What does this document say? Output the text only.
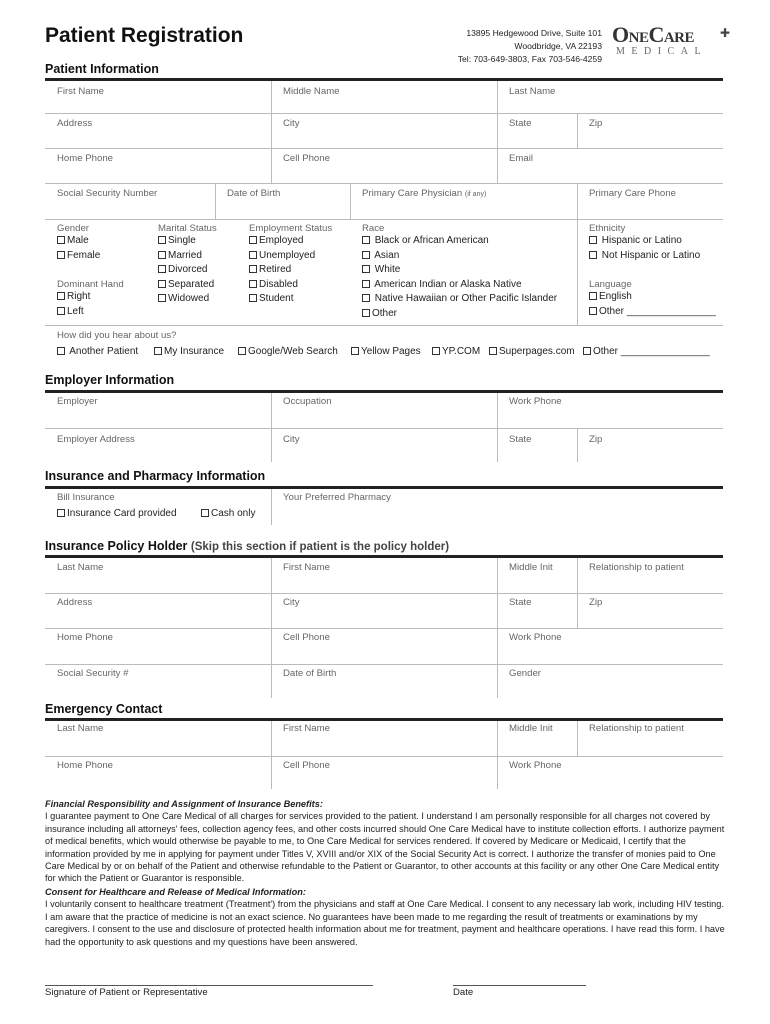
Patient Registration	13895 Hedgewood Drive, Suite 101
Woodbridge, VA 22193
Tel: 703-649-3803, Fax 703-546-4259
OneCare
MEDICAL
✚
Patient Information
First Name	Middle Name	Last Name
Address	City	State	Zip
Home Phone	Cell Phone	Email
Social Security Number	Date of Birth	Primary Care Physician (if any)	Primary Care Phone
Gender
Male
Female
Dominant Hand
Right
Left
Marital Status
Single
Married
Divorced
Separated
Widowed
Employment Status
Employed
Unemployed
Retired
Disabled
Student
Race
Black or African American
Asian
White
American Indian or Alaska Native
Native Hawaiian or Other Pacific Islander
Other
Ethnicity
Hispanic or Latino
Not Hispanic or Latino
Language
English
Other ________________
How did you hear about us?
Another Patient	My Insurance	Google/Web Search	Yellow Pages	YP.COM	Superpages.com	Other ________________
Employer Information
Employer	Occupation	Work Phone
Employer Address	City	State	Zip
Insurance and Pharmacy Information
Bill Insurance
Insurance Card provided	Cash only
Your Preferred Pharmacy
Insurance Policy Holder (Skip this section if patient is the policy holder)
Last Name	First Name	Middle Init	Relationship to patient
Address	City	State	Zip
Home Phone	Cell Phone	Work Phone
Social Security #	Date of Birth	Gender
Emergency Contact
Last Name	First Name	Middle Init	Relationship to patient
Home Phone	Cell Phone	Work Phone
Financial Responsibility and Assignment of Insurance Benefits:
I guarantee payment to One Care Medical of all charges for services provided to the patient. I understand I am personally responsible for all charges not covered by insurance including all attorneys' fees, collection agency fees, and other costs incurred should One Care Medical have to institute collection efforts. I authorize payment of medical benefits, which would otherwise be payable to me, to One Care Medical for services rendered. If covered by Medicare or Medicaid, I certify that the information provided by me in applying for payment under Titles V, XVIII and/or XIX of the Social Security Act is correct. I authorize the transfer of monies paid to One Care Medical by or on behalf of the Patient and otherwise refundable to the Patient or Guarantor, to other accounts at this facility or any other One Care Medical entity for which the Patient or Guarantor is responsible.
Consent for Healthcare and Release of Medical Information:
I voluntarily consent to healthcare treatment (Treatment') from the physicians and staff at One Care Medical. I consent to any necessary lab work, including HIV testing. I am aware that the practice of medicine is not an exact science. No guarantees have been made to me regarding the result of treatments or examinations by my caregivers. I consent to the use and disclosure of protected health information about me for treatment, payment and healthcare operations. I have read this form. I have had the opportunity to ask questions and my questions have been answered.
Signature of Patient or Representative	Date
